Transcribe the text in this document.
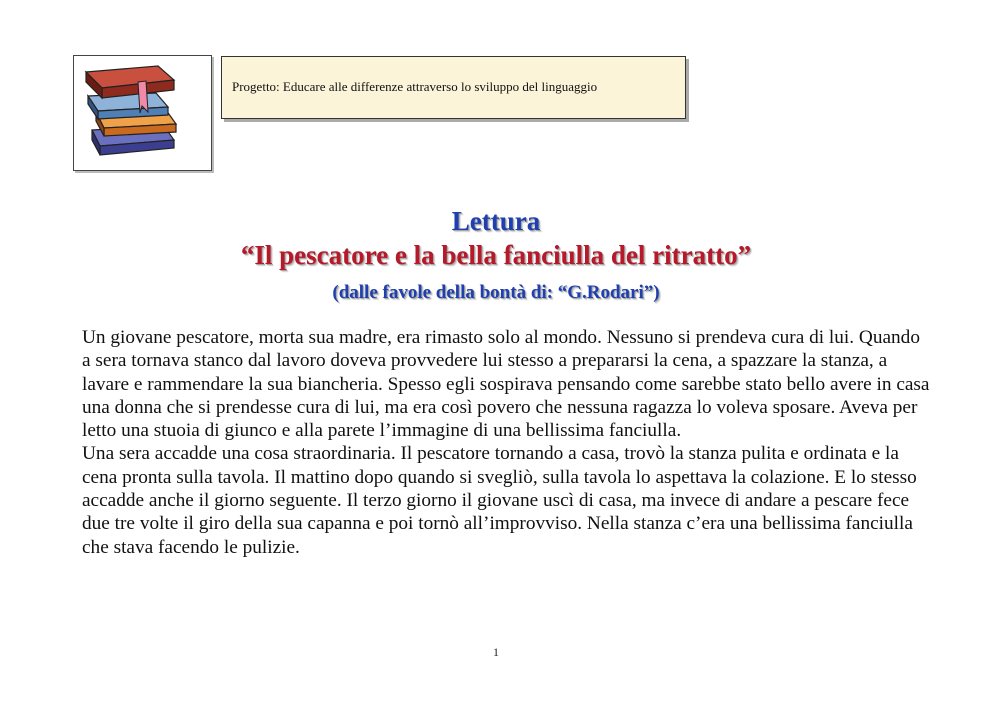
Progetto: Educare alle differenze attraverso lo sviluppo del linguaggio
Lettura
“Il pescatore e la bella fanciulla del ritratto”
(dalle favole della bontà di: “G.Rodari”)

Un giovane pescatore, morta sua madre, era rimasto solo al mondo. Nessuno si prendeva cura di lui. Quando a sera tornava stanco dal lavoro doveva provvedere lui stesso a prepararsi la cena, a spazzare la stanza, a lavare e rammendare la sua biancheria. Spesso egli sospirava pensando come sarebbe stato bello avere in casa una donna che si prendesse cura di lui, ma era così povero che nessuna ragazza lo voleva sposare. Aveva per letto una stuoia di giunco e alla parete l’immagine di una bellissima fanciulla.

Una sera accadde una cosa straordinaria. Il pescatore tornando a casa, trovò la stanza pulita e ordinata e la cena pronta sulla tavola. Il mattino dopo quando si svegliò, sulla tavola lo aspettava la colazione. E lo stesso accadde anche il giorno seguente. Il terzo giorno il giovane uscì di casa, ma invece di andare a pescare fece due tre volte il giro della sua capanna e poi tornò all’improvviso. Nella stanza c’era una bellissima fanciulla che stava facendo le pulizie.

1
